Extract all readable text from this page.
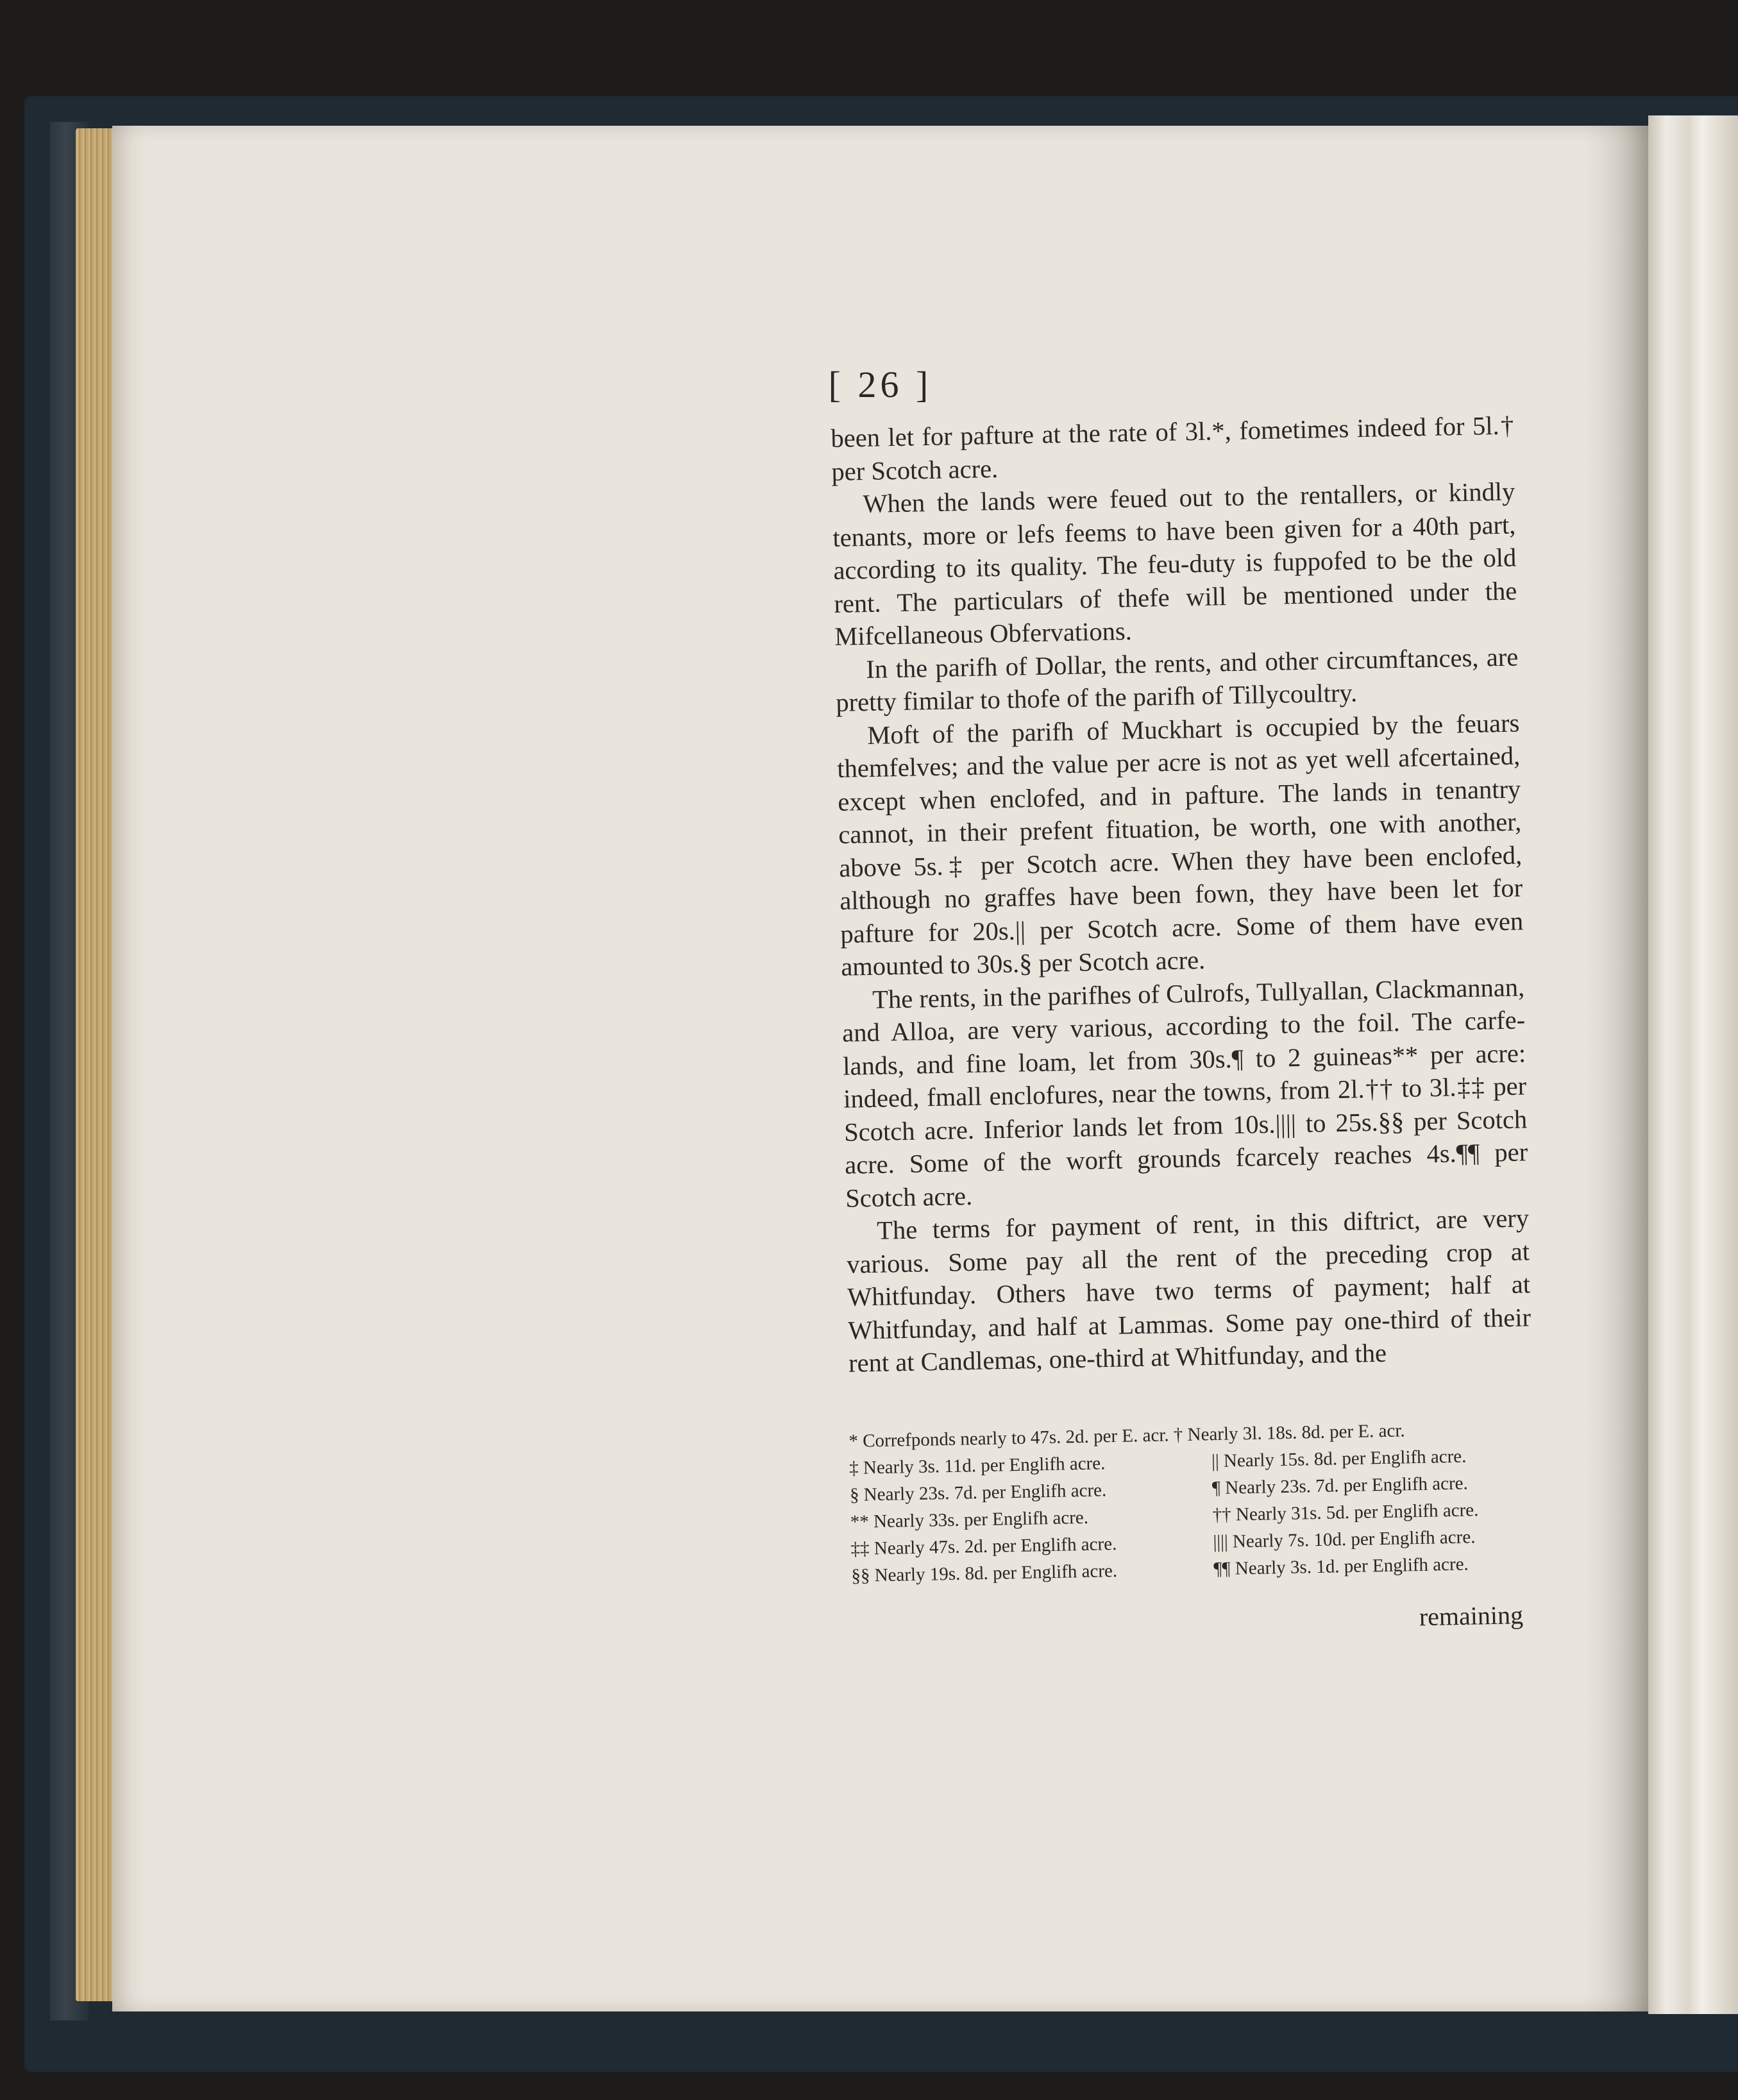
[ 26 ]

been let for pafture at the rate of 3l.*, fometimes indeed for 5l.† per Scotch acre.

When the lands were feued out to the rentallers, or kindly tenants, more or lefs feems to have been given for a 40th part, according to its quality. The feu-duty is fuppofed to be the old rent. The particulars of thefe will be mentioned under the Mifcellaneous Obfervations.

In the parifh of Dollar, the rents, and other circumftances, are pretty fimilar to thofe of the parifh of Tillycoultry.

Moft of the parifh of Muckhart is occupied by the feuars themfelves; and the value per acre is not as yet well afcertained, except when enclofed, and in pafture. The lands in tenantry cannot, in their prefent fituation, be worth, one with another, above 5s.‡ per Scotch acre. When they have been enclofed, although no graffes have been fown, they have been let for pafture for 20s.|| per Scotch acre. Some of them have even amounted to 30s.§ per Scotch acre.

The rents, in the parifhes of Culrofs, Tullyallan, Clackmannan, and Alloa, are very various, according to the foil. The carfe-lands, and fine loam, let from 30s.¶ to 2 guineas** per acre: indeed, fmall enclofures, near the towns, from 2l.†† to 3l.‡‡ per Scotch acre. Inferior lands let from 10s.|||| to 25s.§§ per Scotch acre. Some of the worft grounds fcarcely reaches 4s.¶¶ per Scotch acre.

The terms for payment of rent, in this diftrict, are very various. Some pay all the rent of the preceding crop at Whitfunday. Others have two terms of payment; half at Whitfunday, and half at Lammas. Some pay one-third of their rent at Candlemas, one-third at Whitfunday, and the

* Correfponds nearly to 47s. 2d. per E. acr. † Nearly 3l. 18s. 8d. per E. acr.
‡ Nearly 3s. 11d. per Englifh acre.	|| Nearly 15s. 8d. per Englifh acre.
§ Nearly 23s. 7d. per Englifh acre.	¶ Nearly 23s. 7d. per Englifh acre.
** Nearly 33s. per Englifh acre.	†† Nearly 31s. 5d. per Englifh acre.
‡‡ Nearly 47s. 2d. per Englifh acre.	|||| Nearly 7s. 10d. per Englifh acre.
§§ Nearly 19s. 8d. per Englifh acre.	¶¶ Nearly 3s. 1d. per Englifh acre.
remaining
